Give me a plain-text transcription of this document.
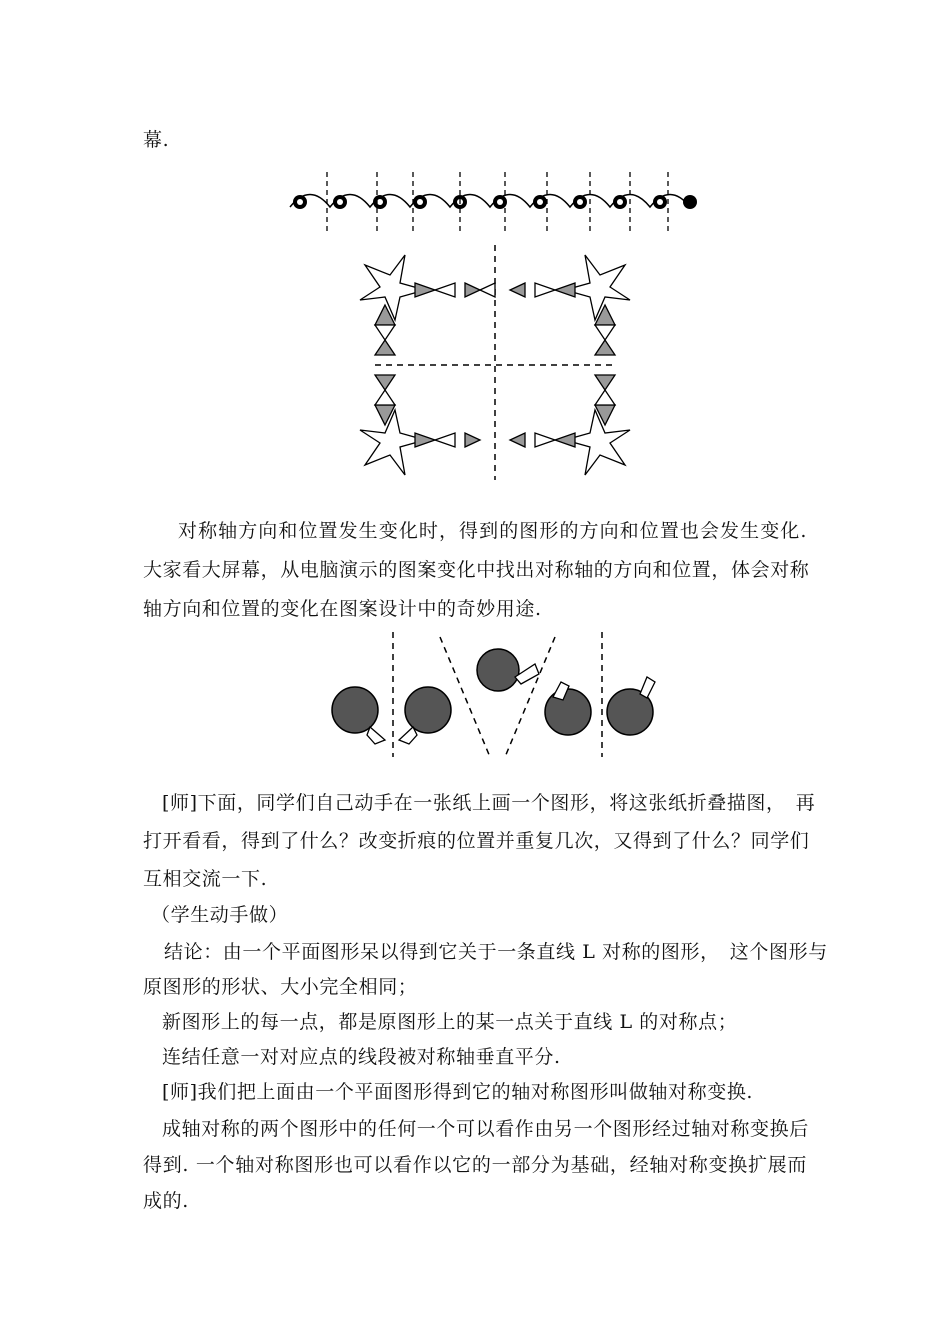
幕.
对称轴方向和位置发生变化时，得到的图形的方向和位置也会发生变化.
大家看大屏幕，从电脑演示的图案变化中找出对称轴的方向和位置，体会对称
轴方向和位置的变化在图案设计中的奇妙用途.
[师]下面，同学们自己动手在一张纸上画一个图形，将这张纸折叠描图，　再
打开看看，得到了什么？改变折痕的位置并重复几次，又得到了什么？同学们
互相交流一下.
（学生动手做）
结论：由一个平面图形呆以得到它关于一条直线 L 对称的图形，　这个图形与
原图形的形状、大小完全相同；
新图形上的每一点，都是原图形上的某一点关于直线 L 的对称点；
连结任意一对对应点的线段被对称轴垂直平分.
[师]我们把上面由一个平面图形得到它的轴对称图形叫做轴对称变换.
成轴对称的两个图形中的任何一个可以看作由另一个图形经过轴对称变换后
得到. 一个轴对称图形也可以看作以它的一部分为基础，经轴对称变换扩展而
成的.
